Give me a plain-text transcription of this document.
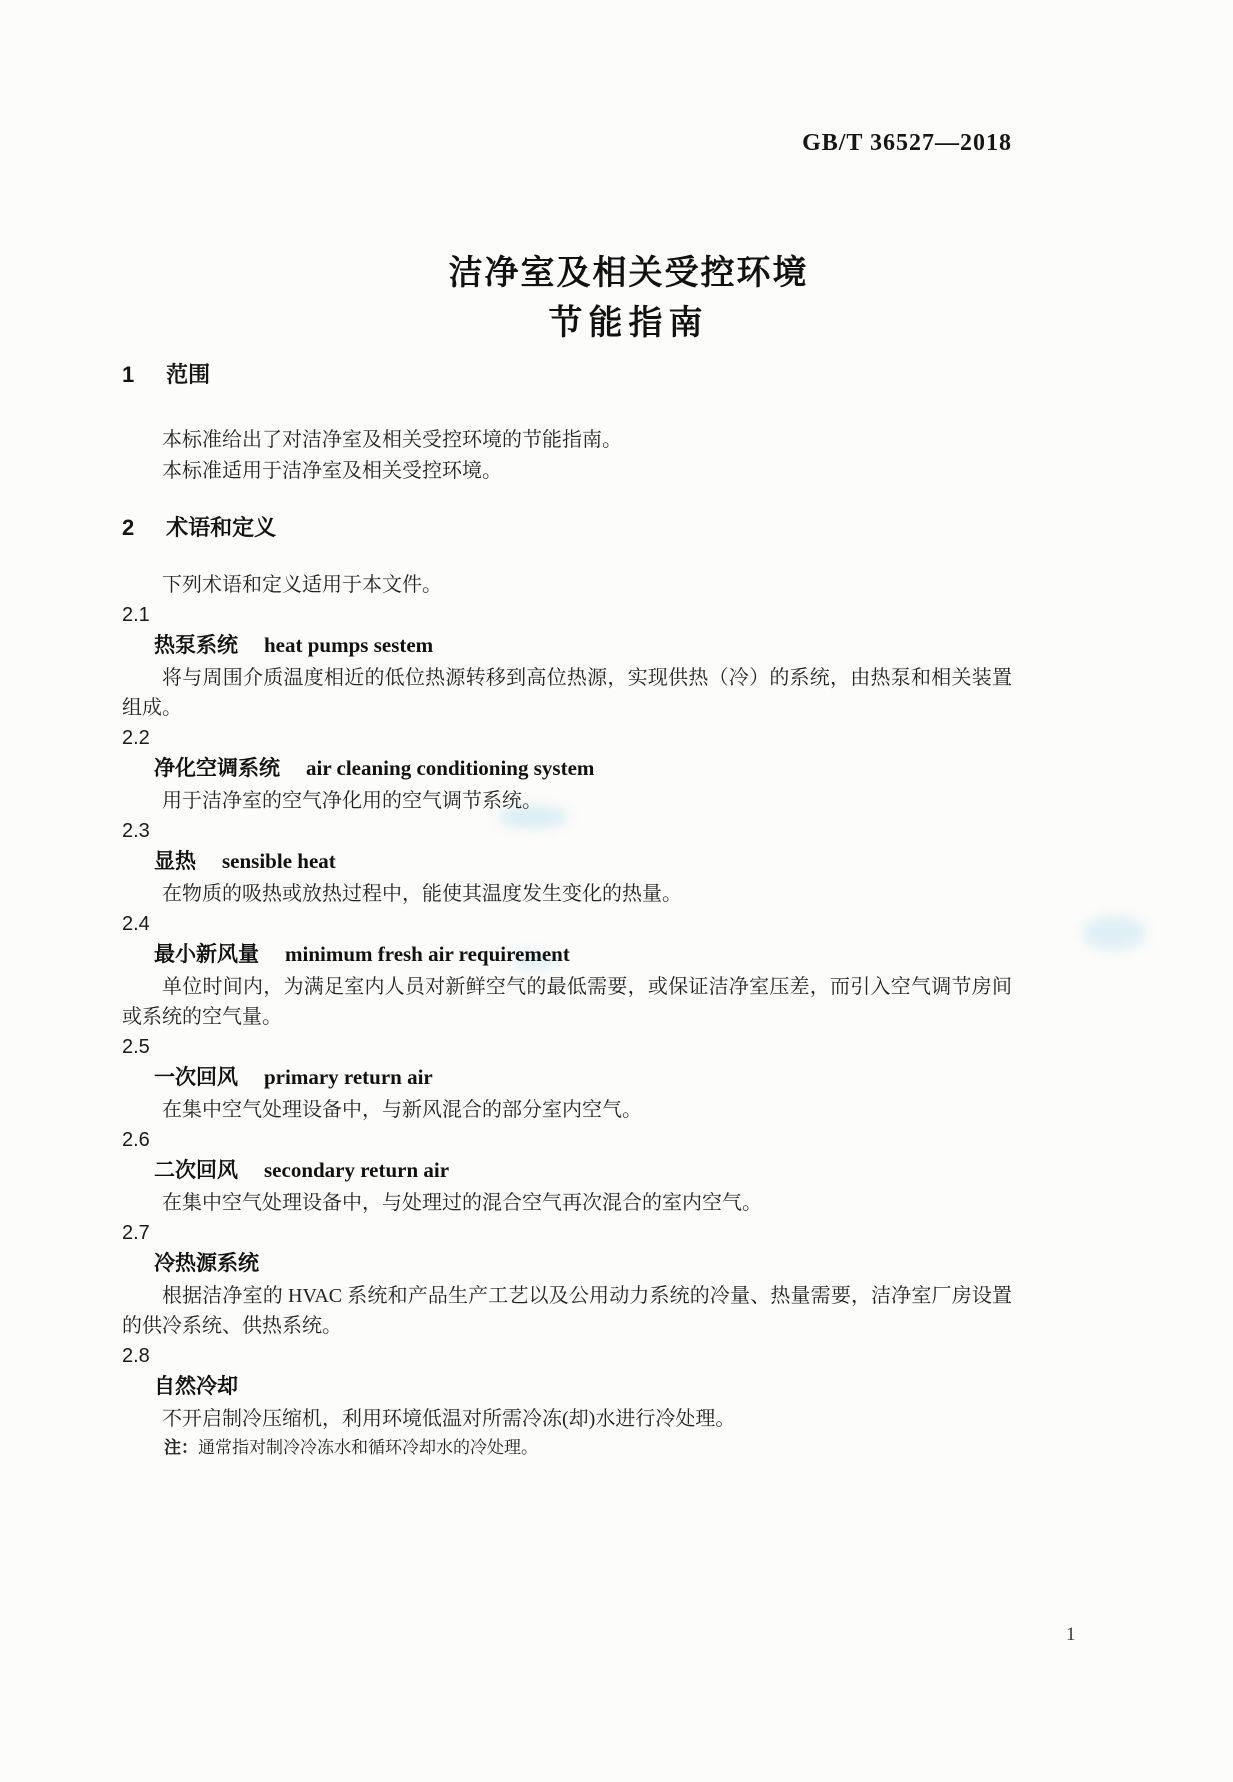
洁净室及相关受控环境
节能指南
GB/T 36527—2018
1 范围

本标准给出了对洁净室及相关受控环境的节能指南。

本标准适用于洁净室及相关受控环境。

2 术语和定义

下列术语和定义适用于本文件。

2.1
热泵系统 heat pumps sestem

将与周围介质温度相近的低位热源转移到高位热源，实现供热（冷）的系统，由热泵和相关装置组成。

2.2
净化空调系统 air cleaning conditioning system

用于洁净室的空气净化用的空气调节系统。

2.3
显热 sensible heat

在物质的吸热或放热过程中，能使其温度发生变化的热量。

2.4
最小新风量 minimum fresh air requirement

单位时间内，为满足室内人员对新鲜空气的最低需要，或保证洁净室压差，而引入空气调节房间或系统的空气量。

2.5
一次回风 primary return air

在集中空气处理设备中，与新风混合的部分室内空气。

2.6
二次回风 secondary return air

在集中空气处理设备中，与处理过的混合空气再次混合的室内空气。

2.7
冷热源系统

根据洁净室的 HVAC 系统和产品生产工艺以及公用动力系统的冷量、热量需要，洁净室厂房设置的供冷系统、供热系统。

2.8
自然冷却

不开启制冷压缩机，利用环境低温对所需冷冻(却)水进行冷处理。

注：通常指对制冷冷冻水和循环冷却水的冷处理。

1
